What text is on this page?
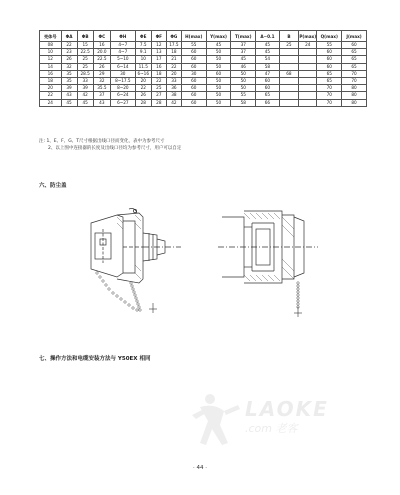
壳体号	ΦA	ΦB	ΦC	ΦH	ΦE	ΦF	ΦG	H(max)	Y(max)	T(max)	A−0.1	B	P(max)	Q(max)	J(max)
08	22	15	16	4~7	7.5	12	17.5	55	45	37	45	25	24	55	60
10	23	22.5	20.0	4~7	9.1	13	18	60	50	37	45			60	65
12	26	25	22.5	5~10	10	17	21	60	50	45	54			60	65
14	32	25	26	6~14	11.5	16	22	60	50	46	58			60	65
16	35	28.5	29	30	6~16	18	20	30	60	50	47	68		65	70
18	35	33	32	8~17.5	20	22	33	60	50	50	60			65	70
20	39	39	35.5	8~20	22	25	36	60	50	50	60			70	80
22	43	42	37	6~24	26	27	38	60	50	55	65			70	80
24	45	45	43	6~27	28	28	42	60	50	58	66			70	80
注: 1、E、F、G、T尺寸根据出线口径而变化，表中为参考尺寸
2、以上图中连接器的长度及出线口径均为参考尺寸，用户可以自定
六、防尘盖
七、操作方法和电缆安装方法与 Y50EX 相同
LAOKE
.com 老客
· 44 ·
